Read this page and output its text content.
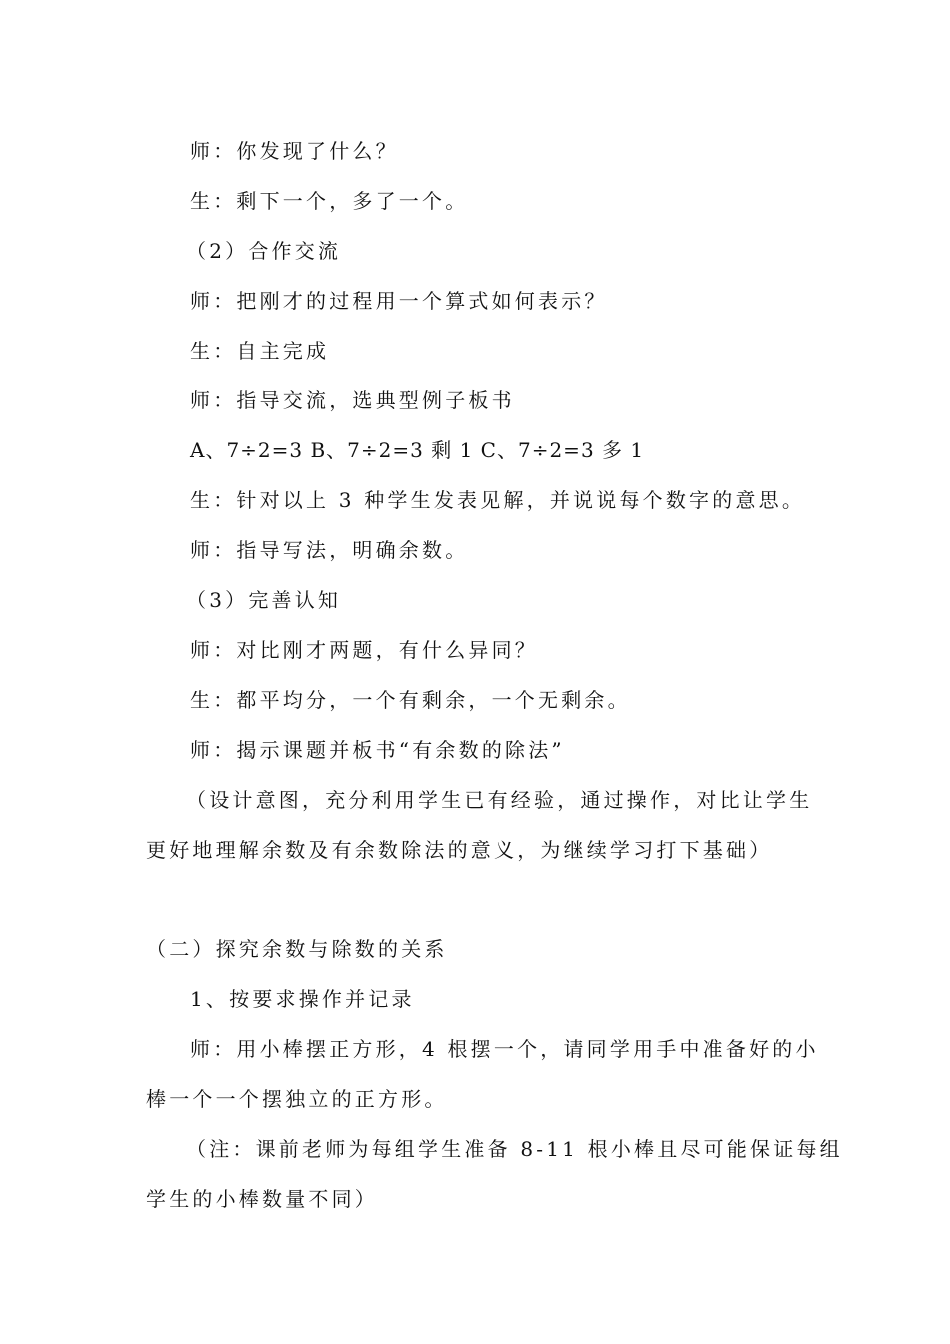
师：你发现了什么？
生：剩下一个，多了一个。
（2）合作交流
师：把刚才的过程用一个算式如何表示？
生：自主完成
师：指导交流，选典型例子板书
A、7÷2=3 B、7÷2=3 剩 1 C、7÷2=3 多 1
生：针对以上 3 种学生发表见解，并说说每个数字的意思。
师：指导写法，明确余数。
（3）完善认知
师：对比刚才两题，有什么异同？
生：都平均分，一个有剩余，一个无剩余。
师：揭示课题并板书“有余数的除法”
（设计意图，充分利用学生已有经验，通过操作，对比让学生
更好地理解余数及有余数除法的意义，为继续学习打下基础）
（二）探究余数与除数的关系
1、按要求操作并记录
师：用小棒摆正方形，4 根摆一个，请同学用手中准备好的小
棒一个一个摆独立的正方形。
（注：课前老师为每组学生准备 8-11 根小棒且尽可能保证每组
学生的小棒数量不同）
